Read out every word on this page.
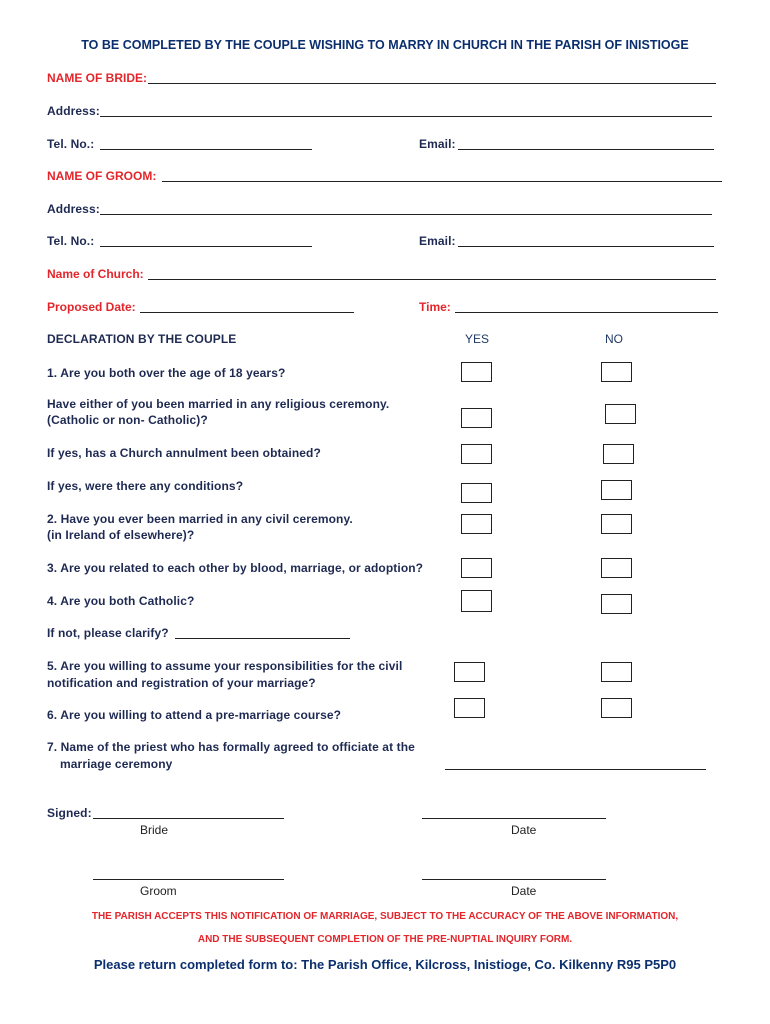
TO BE COMPLETED BY THE COUPLE WISHING TO MARRY IN CHURCH IN THE PARISH OF INISTIOGE
NAME OF BRIDE:
Address:
Tel. No.:	Email:
NAME OF GROOM:
Address:
Tel. No.:	Email:
Name of Church:
Proposed Date:	Time:
DECLARATION BY THE COUPLE	YES	NO
1. Are you both over the age of 18 years?
Have either of you been married in any religious ceremony.
(Catholic or non- Catholic)?
If yes, has a Church annulment been obtained?
If yes, were there any conditions?
2. Have you ever been married in any civil ceremony.
(in Ireland of elsewhere)?
3. Are you related to each other by blood, marriage, or adoption?
4. Are you both Catholic?
If not, please clarify?
5. Are you willing to assume your responsibilities for the civil
notification and registration of your marriage?
6. Are you willing to attend a pre-marriage course?
7. Name of the priest who has formally agreed to officiate at the
marriage ceremony
Signed:
Bride	Date
Groom	Date
THE PARISH ACCEPTS THIS NOTIFICATION OF MARRIAGE, SUBJECT TO THE ACCURACY OF THE ABOVE INFORMATION,
AND THE SUBSEQUENT COMPLETION OF THE PRE-NUPTIAL INQUIRY FORM.
Please return completed form to: The Parish Office, Kilcross, Inistioge, Co. Kilkenny R95 P5P0
